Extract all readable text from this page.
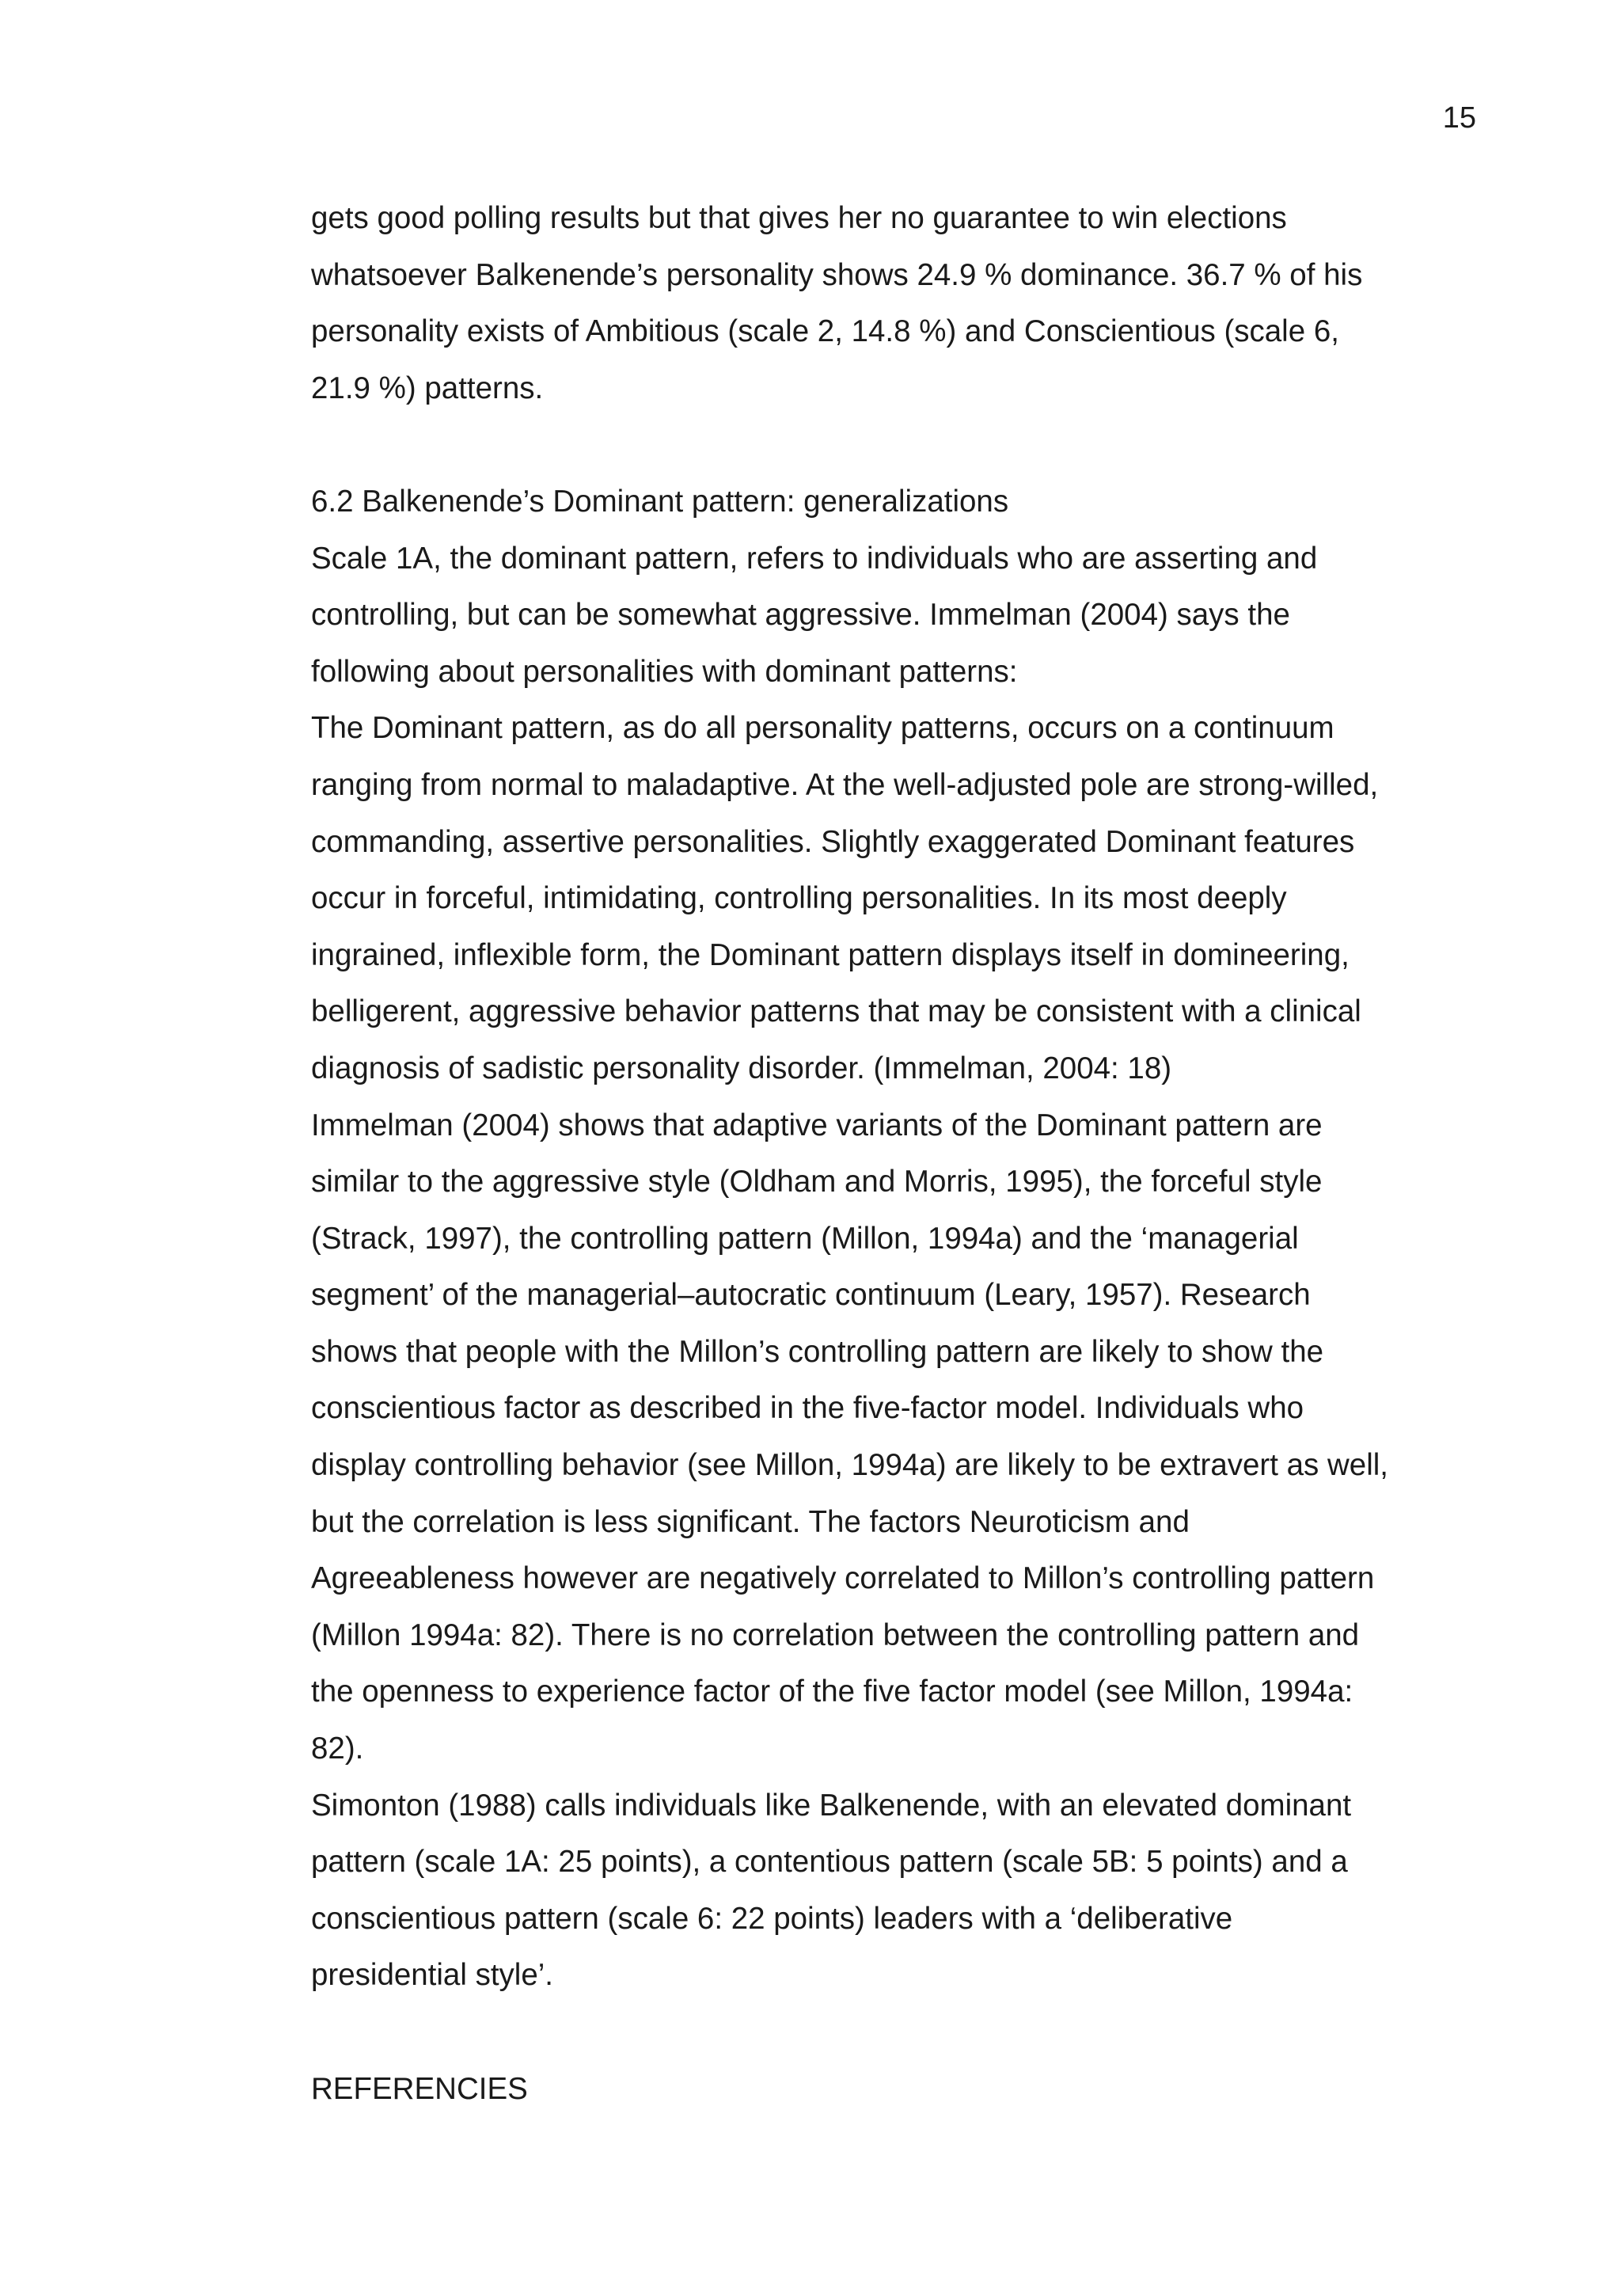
15
gets good polling results but that gives her no guarantee to win elections
whatsoever Balkenende’s personality shows 24.9 % dominance. 36.7 % of his
personality exists of Ambitious (scale 2, 14.8 %) and Conscientious (scale 6,
21.9 %) patterns.
6.2 Balkenende’s Dominant pattern: generalizations
Scale 1A, the dominant pattern, refers to individuals who are asserting and
controlling, but can be somewhat aggressive. Immelman (2004) says the
following about personalities with dominant patterns:
The Dominant pattern, as do all personality patterns, occurs on a continuum
ranging from normal to maladaptive. At the well-adjusted pole are strong-willed,
commanding, assertive personalities. Slightly exaggerated Dominant features
occur in forceful, intimidating, controlling personalities. In its most deeply
ingrained, inflexible form, the Dominant pattern displays itself in domineering,
belligerent, aggressive behavior patterns that may be consistent with a clinical
diagnosis of sadistic personality disorder. (Immelman, 2004: 18)
Immelman (2004) shows that adaptive variants of the Dominant pattern are
similar to the aggressive style (Oldham and Morris, 1995), the forceful style
(Strack, 1997), the controlling pattern (Millon, 1994a) and the ‘managerial
segment’ of the managerial–autocratic continuum (Leary, 1957). Research
shows that people with the Millon’s controlling pattern are likely to show the
conscientious factor as described in the five-factor model. Individuals who
display controlling behavior (see Millon, 1994a) are likely to be extravert as well,
but the correlation is less significant. The factors Neuroticism and
Agreeableness however are negatively correlated to Millon’s controlling pattern
(Millon 1994a: 82). There is no correlation between the controlling pattern and
the openness to experience factor of the five factor model (see Millon, 1994a:
82).
Simonton (1988) calls individuals like Balkenende, with an elevated dominant
pattern (scale 1A: 25 points), a contentious pattern (scale 5B: 5 points) and a
conscientious pattern (scale 6: 22 points) leaders with a ‘deliberative
presidential style’.
REFERENCIES
